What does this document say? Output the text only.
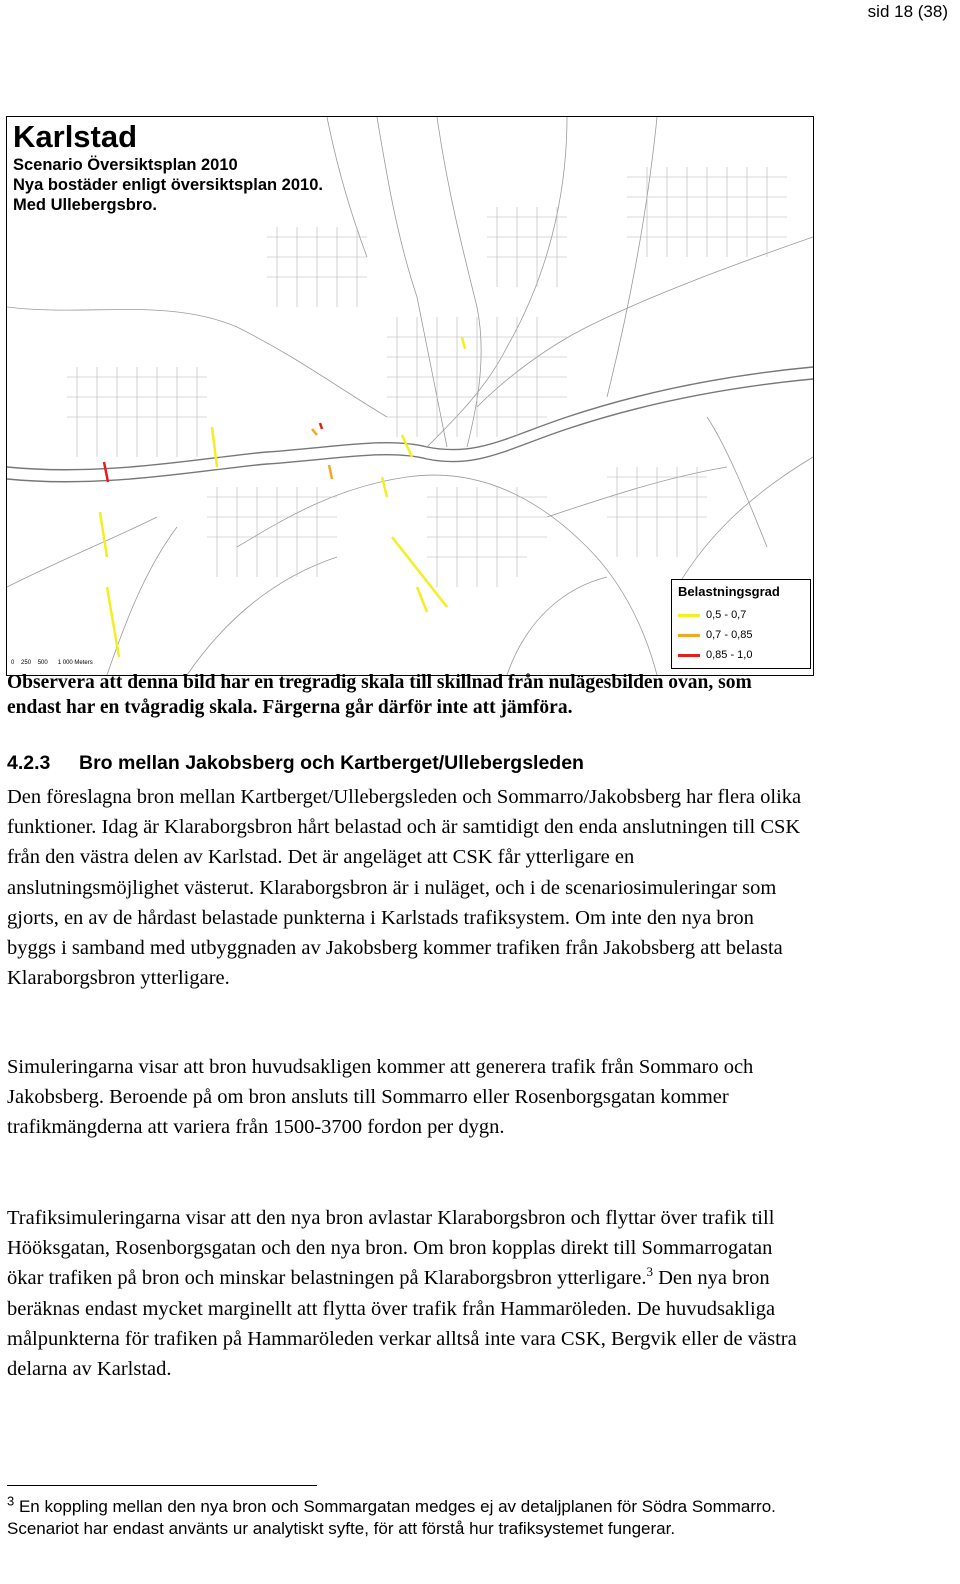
sid 18 (38)
Karlstad
Scenario Översiktsplan 2010
Nya bostäder enligt översiktsplan 2010.
Med Ullebergsbro.
Belastningsgrad
0,5 - 0,7
0,7 - 0,85
0,85 - 1,0
0 250 500 1 000 Meters
Observera att denna bild har en tregradig skala till skillnad från nulägesbilden ovan, som endast har en tvågradig skala. Färgerna går därför inte att jämföra.
4.2.3 Bro mellan Jakobsberg och Kartberget/Ullebergsleden
Den föreslagna bron mellan Kartberget/Ullebergsleden och Sommarro/Jakobsberg har flera olika funktioner. Idag är Klaraborgsbron hårt belastad och är samtidigt den enda anslutningen till CSK från den västra delen av Karlstad. Det är angeläget att CSK får ytterligare en anslutningsmöjlighet västerut. Klaraborgsbron är i nuläget, och i de scenariosimuleringar som gjorts, en av de hårdast belastade punkterna i Karlstads trafiksystem. Om inte den nya bron byggs i samband med utbyggnaden av Jakobsberg kommer trafiken från Jakobsberg att belasta Klaraborgsbron ytterligare.
Simuleringarna visar att bron huvudsakligen kommer att generera trafik från Sommaro och Jakobsberg. Beroende på om bron ansluts till Sommarro eller Rosenborgsgatan kommer trafikmängderna att variera från 1500-3700 fordon per dygn.
Trafiksimuleringarna visar att den nya bron avlastar Klaraborgsbron och flyttar över trafik till Hööksgatan, Rosenborgsgatan och den nya bron. Om bron kopplas direkt till Sommarrogatan ökar trafiken på bron och minskar belastningen på Klaraborgsbron ytterligare.$^3$ Den nya bron beräknas endast mycket marginellt att flytta över trafik från Hammaröleden. De huvudsakliga målpunkterna för trafiken på Hammaröleden verkar alltså inte vara CSK, Bergvik eller de västra delarna av Karlstad.
$^3$ En koppling mellan den nya bron och Sommargatan medges ej av detaljplanen för Södra Sommarro. Scenariot har endast använts ur analytiskt syfte, för att förstå hur trafiksystemet fungerar.
